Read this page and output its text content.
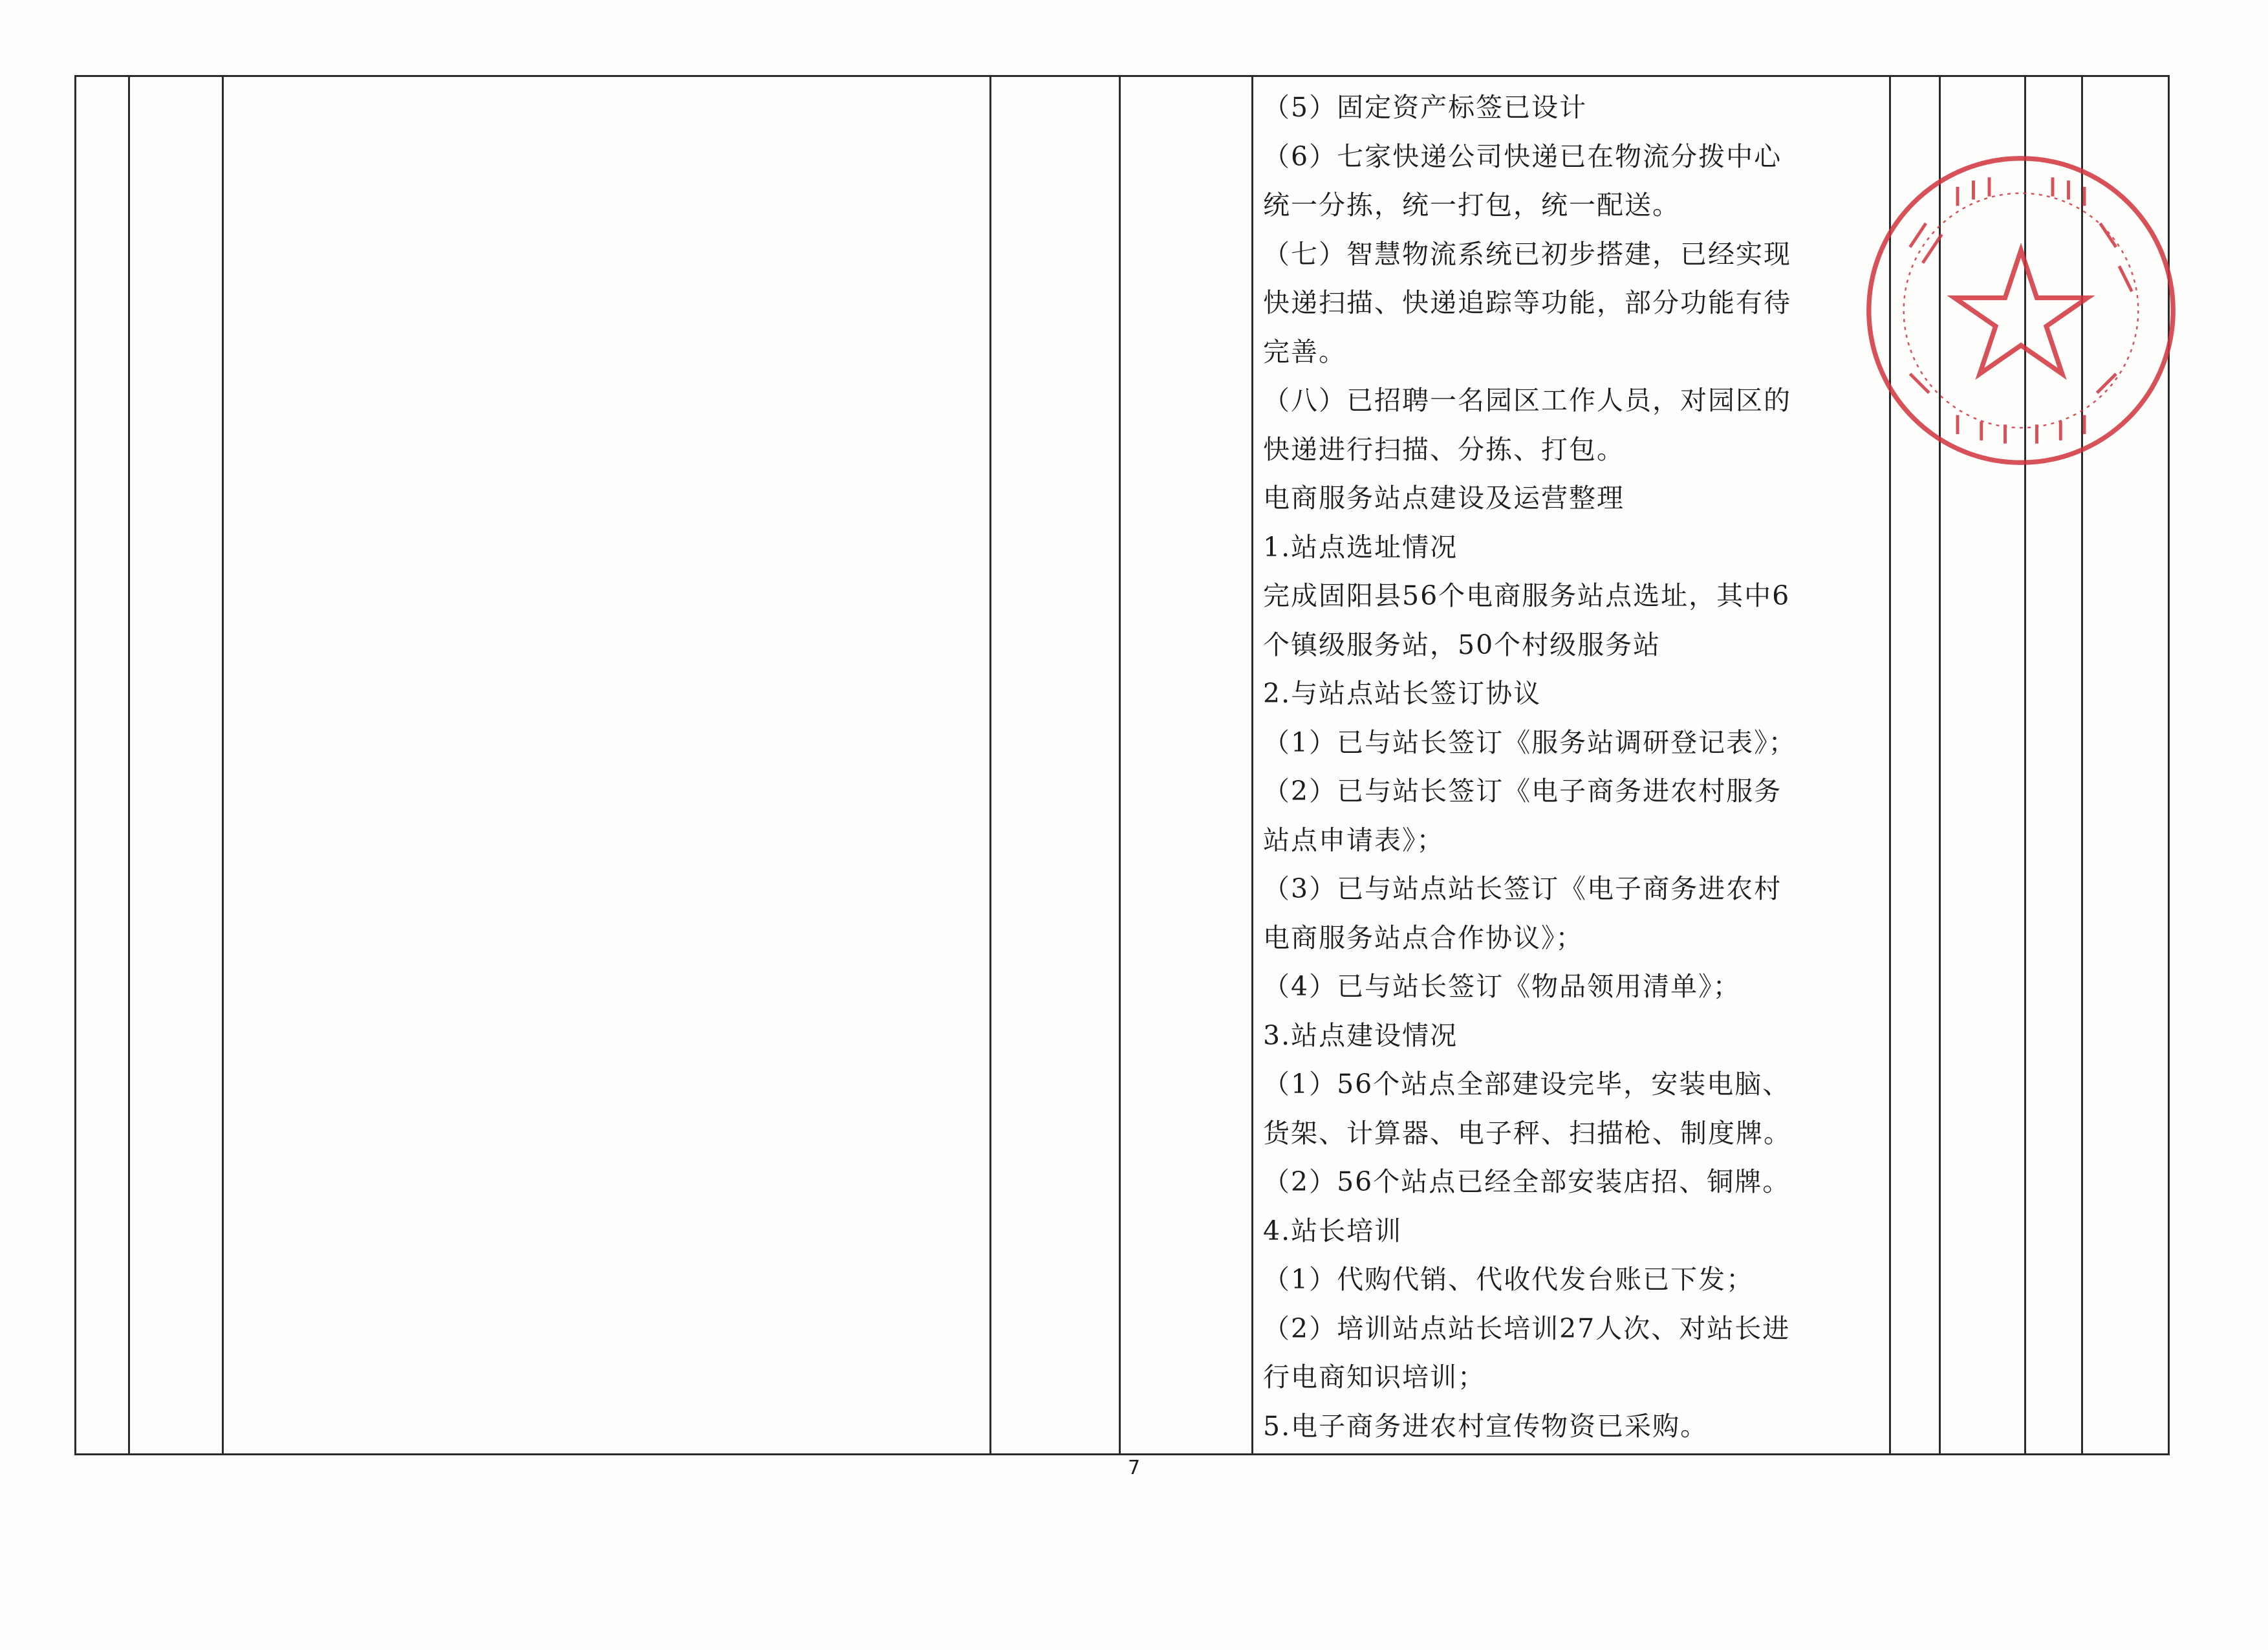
（5）固定资产标签已设计
（6）七家快递公司快递已在物流分拨中心
统一分拣，统一打包，统一配送。
（七）智慧物流系统已初步搭建，已经实现
快递扫描、快递追踪等功能，部分功能有待
完善。
（八）已招聘一名园区工作人员，对园区的
快递进行扫描、分拣、打包。
电商服务站点建设及运营整理
1.站点选址情况
完成固阳县56个电商服务站点选址，其中6
个镇级服务站，50个村级服务站
2.与站点站长签订协议
（1）已与站长签订《服务站调研登记表》；
（2）已与站长签订《电子商务进农村服务
站点申请表》；
（3）已与站点站长签订《电子商务进农村
电商服务站点合作协议》；
（4）已与站长签订《物品领用清单》；
3.站点建设情况
（1）56个站点全部建设完毕，安装电脑、
货架、计算器、电子秤、扫描枪、制度牌。
（2）56个站点已经全部安装店招、铜牌。
4.站长培训
（1）代购代销、代收代发台账已下发；
（2）培训站点站长培训27人次、对站长进
行电商知识培训；
5.电子商务进农村宣传物资已采购。
7
